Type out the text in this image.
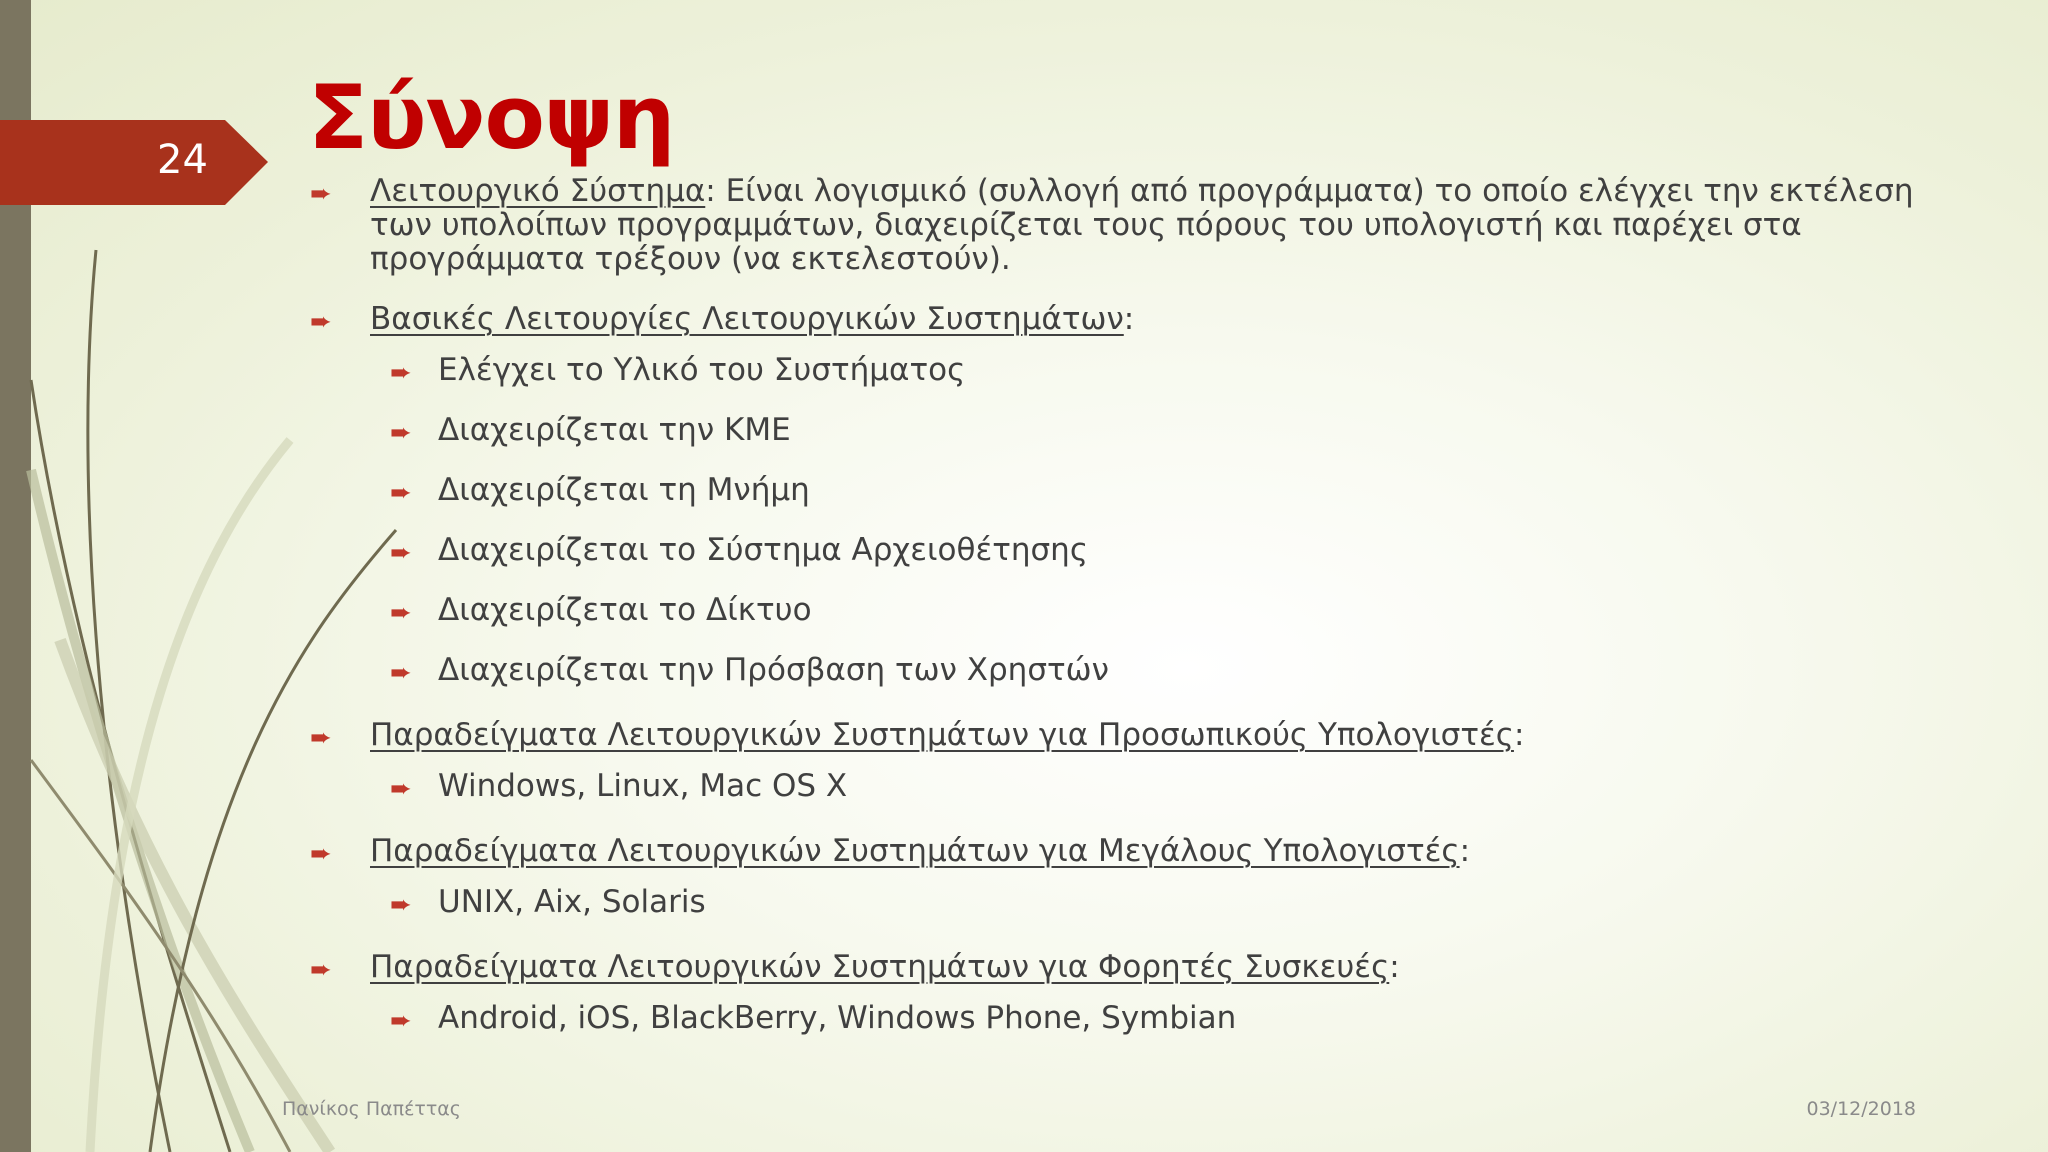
24 Σύνοψη
➨ Λειτουργικό Σύστημα: Είναι λογισμικό (συλλογή από προγράμματα) το οποίο ελέγχει την εκτέλεση των υπολοίπων προγραμμάτων, διαχειρίζεται τους πόρους του υπολογιστή και παρέχει στα προγράμματα τρέξουν (να εκτελεστούν).
➨ Βασικές Λειτουργίες Λειτουργικών Συστημάτων:
➨ Ελέγχει το Υλικό του Συστήματος
➨ Διαχειρίζεται την ΚΜΕ
➨ Διαχειρίζεται τη Μνήμη
➨ Διαχειρίζεται το Σύστημα Αρχειοθέτησης
➨ Διαχειρίζεται το Δίκτυο
➨ Διαχειρίζεται την Πρόσβαση των Χρηστών
➨ Παραδείγματα Λειτουργικών Συστημάτων για Προσωπικούς Υπολογιστές:
➨ Windows, Linux, Mac OS X
➨ Παραδείγματα Λειτουργικών Συστημάτων για Μεγάλους Υπολογιστές:
➨ UNIX, Aix, Solaris
➨ Παραδείγματα Λειτουργικών Συστημάτων για Φορητές Συσκευές:
➨ Android, iOS, BlackBerry, Windows Phone, Symbian
Πανίκος Παπέττας	03/12/2018
